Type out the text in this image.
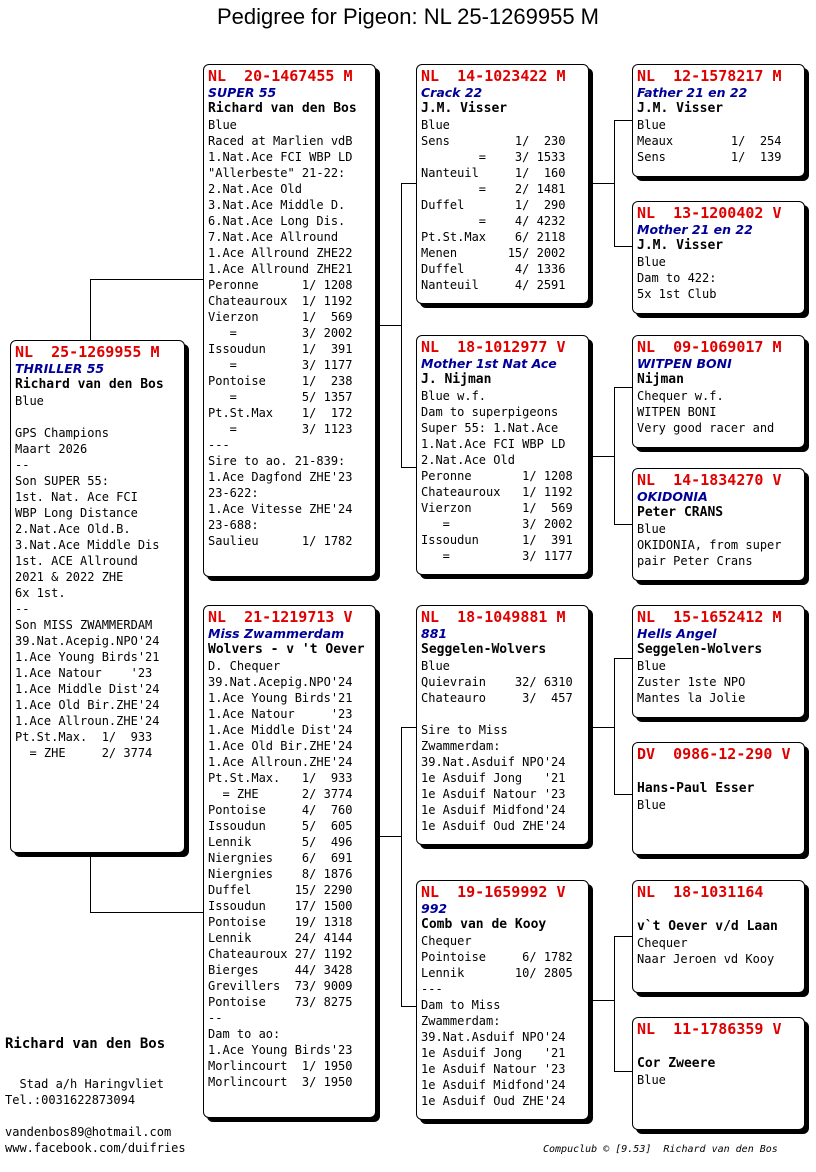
Pedigree for Pigeon: NL 25-1269955 M
NL  25-1269955 M
THRILLER 55
Richard van den Bos
Blue
GPS Champions
Maart 2026
--
Son SUPER 55:
1st. Nat. Ace FCI
WBP Long Distance
2.Nat.Ace Old.B.
3.Nat.Ace Middle Dis
1st. ACE Allround
2021 & 2022 ZHE
6x 1st.
--
Son MISS ZWAMMERDAM
39.Nat.Acepig.NPO'24
1.Ace Young Birds'21
1.Ace Natour    '23
1.Ace Middle Dist'24
1.Ace Old Bir.ZHE'24
1.Ace Allroun.ZHE'24
Pt.St.Max.  1/  933
= ZHE     2/ 3774
NL  20-1467455 M
SUPER 55
Richard van den Bos
Blue
Raced at Marlien vdB
1.Nat.Ace FCI WBP LD
"Allerbeste" 21-22:
2.Nat.Ace Old
3.Nat.Ace Middle D.
6.Nat.Ace Long Dis.
7.Nat.Ace Allround
1.Ace Allround ZHE22
1.Ace Allround ZHE21
Peronne      1/ 1208
Chateauroux  1/ 1192
Vierzon      1/  569
=         3/ 2002
Issoudun     1/  391
=         3/ 1177
Pontoise     1/  238
=         5/ 1357
Pt.St.Max    1/  172
=         3/ 1123
---
Sire to ao. 21-839:
1.Ace Dagfond ZHE'23
23-622:
1.Ace Vitesse ZHE'24
23-688:
Saulieu      1/ 1782
NL  21-1219713 V
Miss Zwammerdam
Wolvers - v 't Oever
D. Chequer
39.Nat.Acepig.NPO'24
1.Ace Young Birds'21
1.Ace Natour     '23
1.Ace Middle Dist'24
1.Ace Old Bir.ZHE'24
1.Ace Allroun.ZHE'24
Pt.St.Max.   1/  933
= ZHE      2/ 3774
Pontoise     4/  760
Issoudun     5/  605
Lennik       5/  496
Niergnies    6/  691
Niergnies    8/ 1876
Duffel      15/ 2290
Issoudun    17/ 1500
Pontoise    19/ 1318
Lennik      24/ 4144
Chateauroux 27/ 1192
Bierges     44/ 3428
Grevillers  73/ 9009
Pontoise    73/ 8275
--
Dam to ao:
1.Ace Young Birds'23
Morlincourt  1/ 1950
Morlincourt  3/ 1950
NL  14-1023422 M
Crack 22
J.M. Visser
Blue
Sens         1/  230
=    3/ 1533
Nanteuil     1/  160
=    2/ 1481
Duffel       1/  290
=    4/ 4232
Pt.St.Max    6/ 2118
Menen       15/ 2002
Duffel       4/ 1336
Nanteuil     4/ 2591
NL  18-1012977 V
Mother 1st Nat Ace
J. Nijman
Blue w.f.
Dam to superpigeons
Super 55: 1.Nat.Ace
1.Nat.Ace FCI WBP LD
2.Nat.Ace Old
Peronne       1/ 1208
Chateauroux   1/ 1192
Vierzon       1/  569
=          3/ 2002
Issoudun      1/  391
=          3/ 1177
NL  18-1049881 M
881
Seggelen-Wolvers
Blue
Quievrain    32/ 6310
Chateauro     3/  457
Sire to Miss
Zwammerdam:
39.Nat.Asduif NPO'24
1e Asduif Jong   '21
1e Asduif Natour '23
1e Asduif Midfond'24
1e Asduif Oud ZHE'24
NL  19-1659992 V
992
Comb van de Kooy
Chequer
Pointoise     6/ 1782
Lennik       10/ 2805
---
Dam to Miss
Zwammerdam:
39.Nat.Asduif NPO'24
1e Asduif Jong   '21
1e Asduif Natour '23
1e Asduif Midfond'24
1e Asduif Oud ZHE'24
NL  12-1578217 M
Father 21 en 22
J.M. Visser
Blue
Meaux        1/  254
Sens         1/  139
NL  13-1200402 V
Mother 21 en 22
J.M. Visser
Blue
Dam to 422:
5x 1st Club
NL  09-1069017 M
WITPEN BONI
Nijman
Chequer w.f.
WITPEN BONI
Very good racer and
NL  14-1834270 V
OKIDONIA
Peter CRANS
Blue
OKIDONIA, from super
pair Peter Crans
NL  15-1652412 M
Hells Angel
Seggelen-Wolvers
Blue
Zuster 1ste NPO
Mantes la Jolie
DV  0986-12-290 V
Hans-Paul Esser
Blue
NL  18-1031164
v`t Oever v/d Laan
Chequer
Naar Jeroen vd Kooy
NL  11-1786359 V
Cor Zweere
Blue
Richard van den Bos
Stad a/h Haringvliet
Tel.:0031622873094
vandenbos89@hotmail.com
www.facebook.com/duifries	Compuclub © [9.53]  Richard van den Bos
